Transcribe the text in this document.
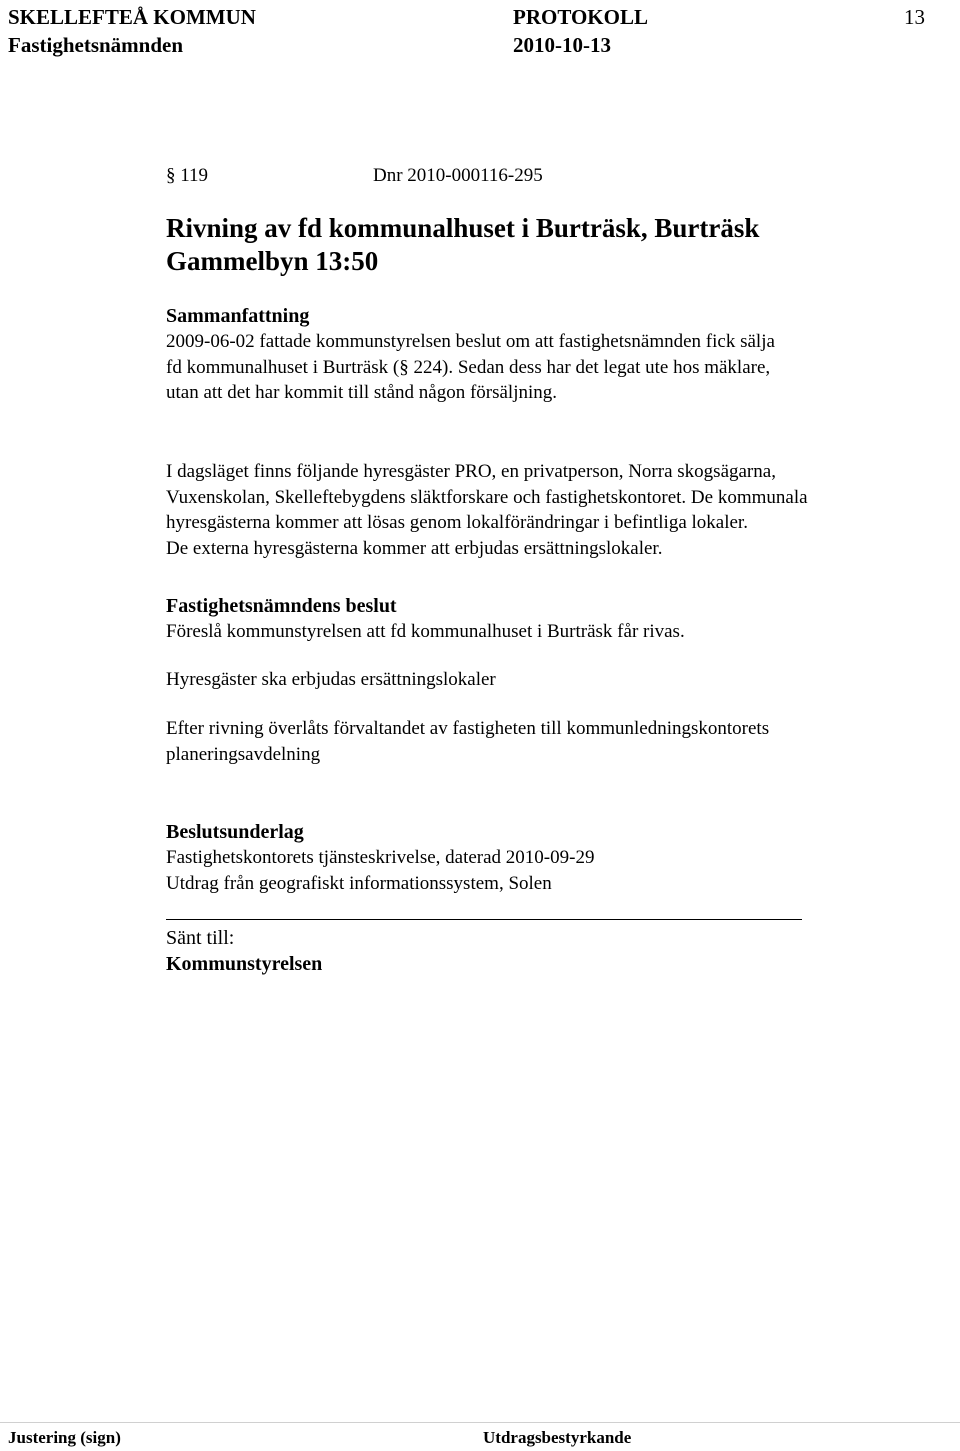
SKELLEFTEÅ KOMMUN	PROTOKOLL	13
Fastighetsnämnden	2010-10-13
§ 119	Dnr 2010-000116-295
Rivning av fd kommunalhuset i Burträsk, Burträsk
Gammelbyn 13:50
Sammanfattning
2009-06-02 fattade kommunstyrelsen beslut om att fastighetsnämnden fick sälja
fd kommunalhuset i Burträsk (§ 224). Sedan dess har det legat ute hos mäklare,
utan att det har kommit till stånd någon försäljning.
I dagsläget finns följande hyresgäster PRO, en privatperson, Norra skogsägarna,
Vuxenskolan, Skelleftebygdens släktforskare och fastighetskontoret. De kommunala
hyresgästerna kommer att lösas genom lokalförändringar i befintliga lokaler.
De externa hyresgästerna kommer att erbjudas ersättningslokaler.
Fastighetsnämndens beslut
Föreslå kommunstyrelsen att fd kommunalhuset i Burträsk får rivas.
Hyresgäster ska erbjudas ersättningslokaler
Efter rivning överlåts förvaltandet av fastigheten till kommunledningskontorets
planeringsavdelning
Beslutsunderlag
Fastighetskontorets tjänsteskrivelse, daterad 2010-09-29
Utdrag från geografiskt informationssystem, Solen
Sänt till:
Kommunstyrelsen
Justering (sign)	Utdragsbestyrkande
